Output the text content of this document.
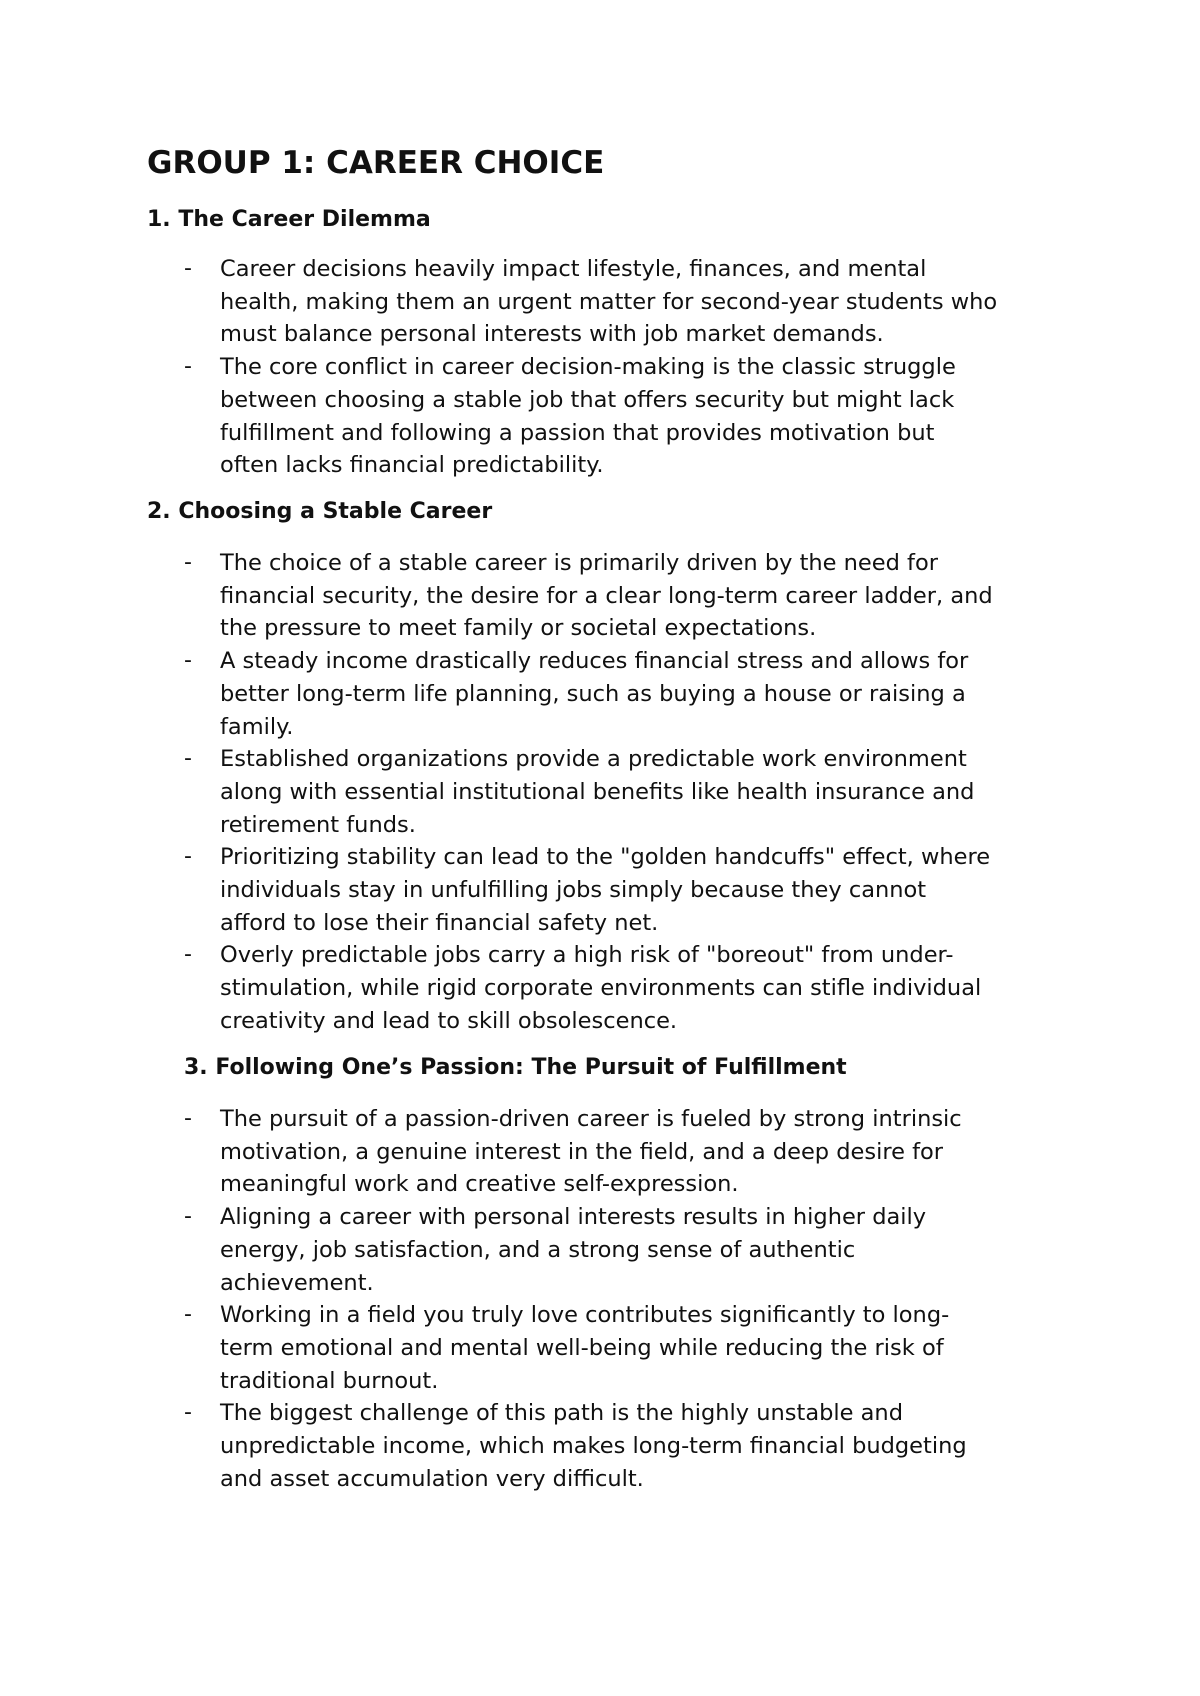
GROUP 1: CAREER CHOICE
1. The Career Dilemma
- Career decisions heavily impact lifestyle, finances, and mental
health, making them an urgent matter for second-year students who
must balance personal interests with job market demands.
- The core conflict in career decision-making is the classic struggle
between choosing a stable job that offers security but might lack
fulfillment and following a passion that provides motivation but
often lacks financial predictability.
2. Choosing a Stable Career
- The choice of a stable career is primarily driven by the need for
financial security, the desire for a clear long-term career ladder, and
the pressure to meet family or societal expectations.
- A steady income drastically reduces financial stress and allows for
better long-term life planning, such as buying a house or raising a
family.
- Established organizations provide a predictable work environment
along with essential institutional benefits like health insurance and
retirement funds.
- Prioritizing stability can lead to the "golden handcuffs" effect, where
individuals stay in unfulfilling jobs simply because they cannot
afford to lose their financial safety net.
- Overly predictable jobs carry a high risk of "boreout" from under-
stimulation, while rigid corporate environments can stifle individual
creativity and lead to skill obsolescence.
3. Following One’s Passion: The Pursuit of Fulfillment
- The pursuit of a passion-driven career is fueled by strong intrinsic
motivation, a genuine interest in the field, and a deep desire for
meaningful work and creative self-expression.
- Aligning a career with personal interests results in higher daily
energy, job satisfaction, and a strong sense of authentic
achievement.
- Working in a field you truly love contributes significantly to long-
term emotional and mental well-being while reducing the risk of
traditional burnout.
- The biggest challenge of this path is the highly unstable and
unpredictable income, which makes long-term financial budgeting
and asset accumulation very difficult.
